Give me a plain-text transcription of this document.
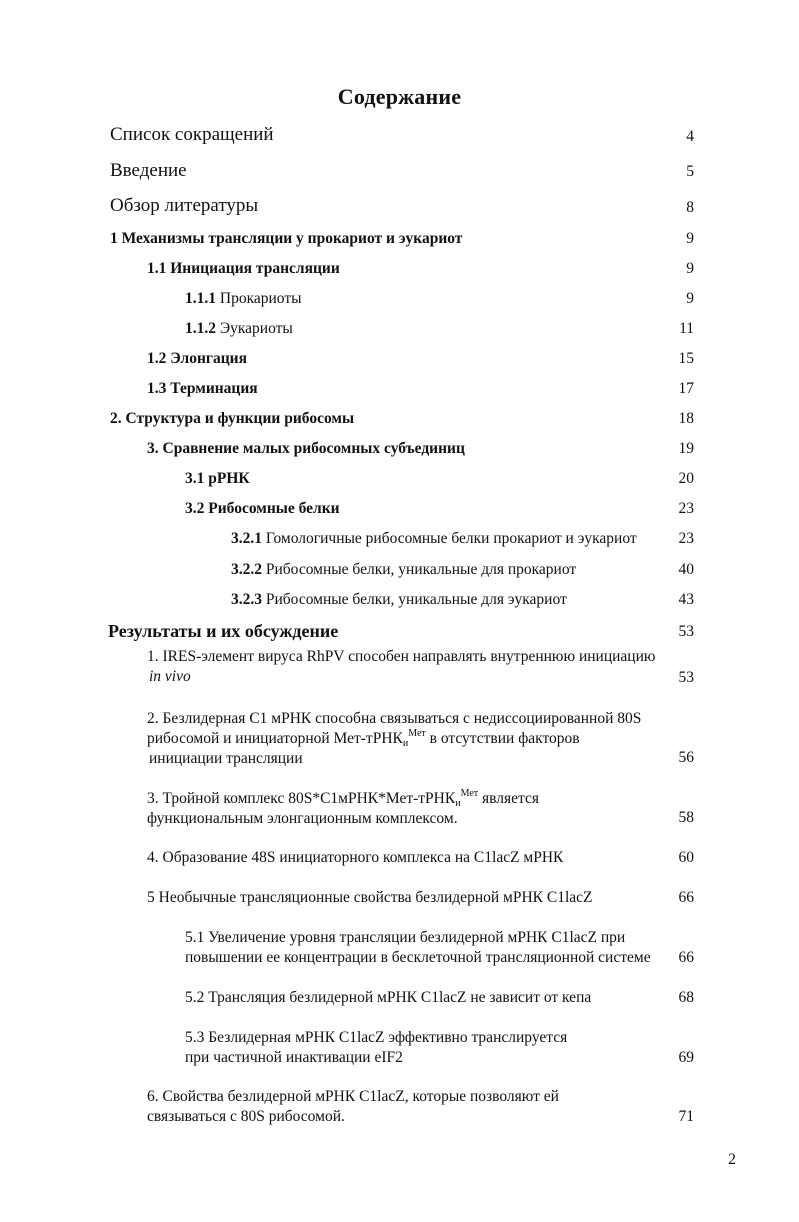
Содержание
Список сокращений	4
Введение	5
Обзор литературы	8
1 Механизмы трансляции у прокариот и эукариот	9
1.1 Инициация трансляции	9
1.1.1 Прокариоты	9
1.1.2 Эукариоты	11
1.2 Элонгация	15
1.3 Терминация	17
2. Структура и функции рибосомы	18
3. Сравнение малых рибосомных субъединиц	19
3.1 рРНК	20
3.2 Рибосомные белки	23
3.2.1 Гомологичные рибосомные белки прокариот и эукариот	23
3.2.2 Рибосомные белки, уникальные для прокариот	40
3.2.3 Рибосомные белки, уникальные для эукариот	43
Результаты и их обсуждение	53
1. IRES-элемент вируса RhPV способен направлять внутреннюю инициацию
in vivo	53
2. Безлидерная C1 мРНК способна связываться с недиссоциированной 80S
рибосомой и инициаторной Мет-тРНКи$^{Мет}$ в отсутствии факторов
инициации трансляции	56
3. Тройной комплекс 80S*C1мРНК*Мет-тРНКи$^{Мет}$ является
функциональным элонгационным комплексом.	58
4. Образование 48S инициаторного комплекса на C1lacZ мРНК	60
5 Необычные трансляционные свойства безлидерной мРНК C1lacZ	66
5.1 Увеличение уровня трансляции безлидерной мРНК C1lacZ при
повышении ее концентрации в бесклеточной трансляционной системе 66
5.2 Трансляция безлидерной мРНК C1lacZ не зависит от кепа	68
5.3 Безлидерная мРНК C1lacZ эффективно транслируется
при частичной инактивации eIF2	69
6. Свойства безлидерной мРНК C1lacZ, которые позволяют ей
связываться с 80S рибосомой.	71
2
